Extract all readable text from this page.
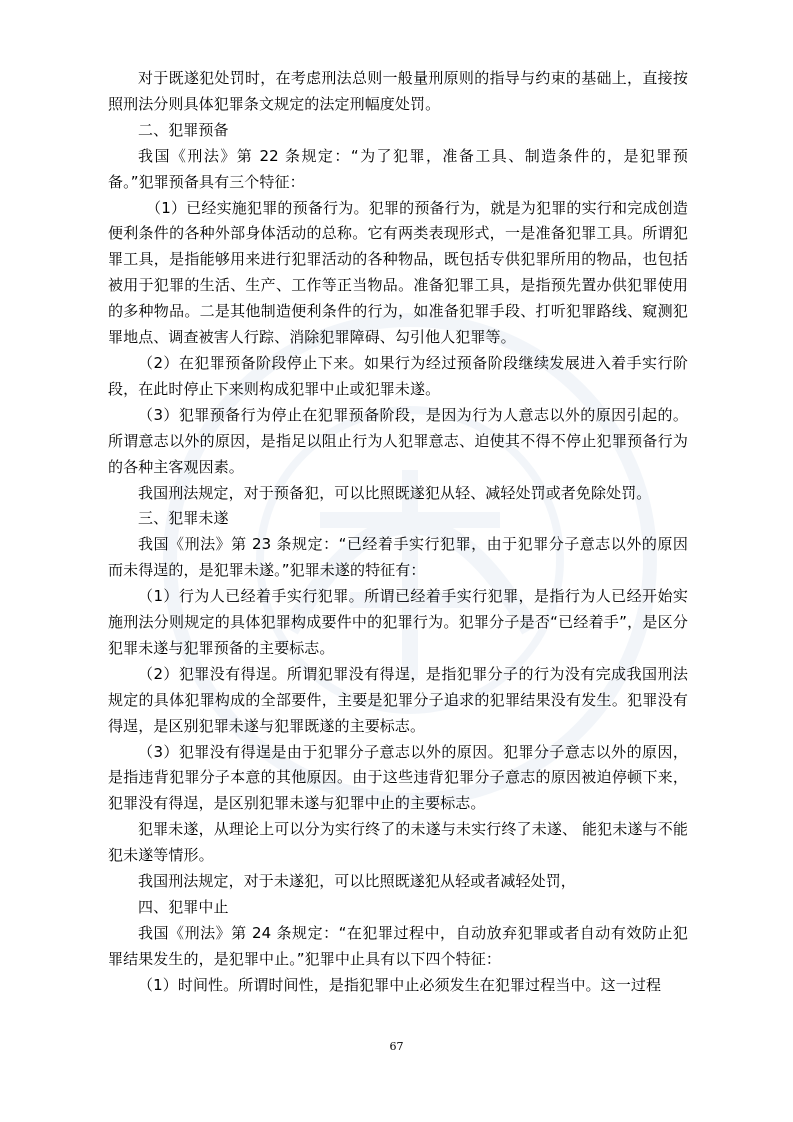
对于既遂犯处罚时，在考虑刑法总则一般量刑原则的指导与约束的基础上，直接按照刑法分则具体犯罪条文规定的法定刑幅度处罚。

二、犯罪预备

我国《刑法》第 22 条规定：“为了犯罪，准备工具、制造条件的，是犯罪预备。”犯罪预备具有三个特征：

（1）已经实施犯罪的预备行为。犯罪的预备行为，就是为犯罪的实行和完成创造便利条件的各种外部身体活动的总称。它有两类表现形式，一是准备犯罪工具。所谓犯罪工具，是指能够用来进行犯罪活动的各种物品，既包括专供犯罪所用的物品，也包括被用于犯罪的生活、生产、工作等正当物品。准备犯罪工具，是指预先置办供犯罪使用的多种物品。二是其他制造便利条件的行为，如准备犯罪手段、打听犯罪路线、窥测犯罪地点、调查被害人行踪、消除犯罪障碍、勾引他人犯罪等。

（2）在犯罪预备阶段停止下来。如果行为经过预备阶段继续发展进入着手实行阶段，在此时停止下来则构成犯罪中止或犯罪未遂。

（3）犯罪预备行为停止在犯罪预备阶段，是因为行为人意志以外的原因引起的。所谓意志以外的原因，是指足以阻止行为人犯罪意志、迫使其不得不停止犯罪预备行为的各种主客观因素。

我国刑法规定，对于预备犯，可以比照既遂犯从轻、减轻处罚或者免除处罚。

三、犯罪未遂

我国《刑法》第 23 条规定：“已经着手实行犯罪，由于犯罪分子意志以外的原因而未得逞的，是犯罪未遂。”犯罪未遂的特征有：

（1）行为人已经着手实行犯罪。所谓已经着手实行犯罪，是指行为人已经开始实施刑法分则规定的具体犯罪构成要件中的犯罪行为。犯罪分子是否“已经着手”，是区分犯罪未遂与犯罪预备的主要标志。

（2）犯罪没有得逞。所谓犯罪没有得逞，是指犯罪分子的行为没有完成我国刑法规定的具体犯罪构成的全部要件，主要是犯罪分子追求的犯罪结果没有发生。犯罪没有得逞，是区别犯罪未遂与犯罪既遂的主要标志。

（3）犯罪没有得逞是由于犯罪分子意志以外的原因。犯罪分子意志以外的原因，是指违背犯罪分子本意的其他原因。由于这些违背犯罪分子意志的原因被迫停顿下来，犯罪没有得逞，是区别犯罪未遂与犯罪中止的主要标志。

犯罪未遂，从理论上可以分为实行终了的未遂与未实行终了未遂、 能犯未遂与不能犯未遂等情形。

我国刑法规定，对于未遂犯，可以比照既遂犯从轻或者减轻处罚，

四、犯罪中止

我国《刑法》第 24 条规定：“在犯罪过程中，自动放弃犯罪或者自动有效防止犯罪结果发生的，是犯罪中止。”犯罪中止具有以下四个特征：

（1）时间性。所谓时间性，是指犯罪中止必须发生在犯罪过程当中。这一过程

67
